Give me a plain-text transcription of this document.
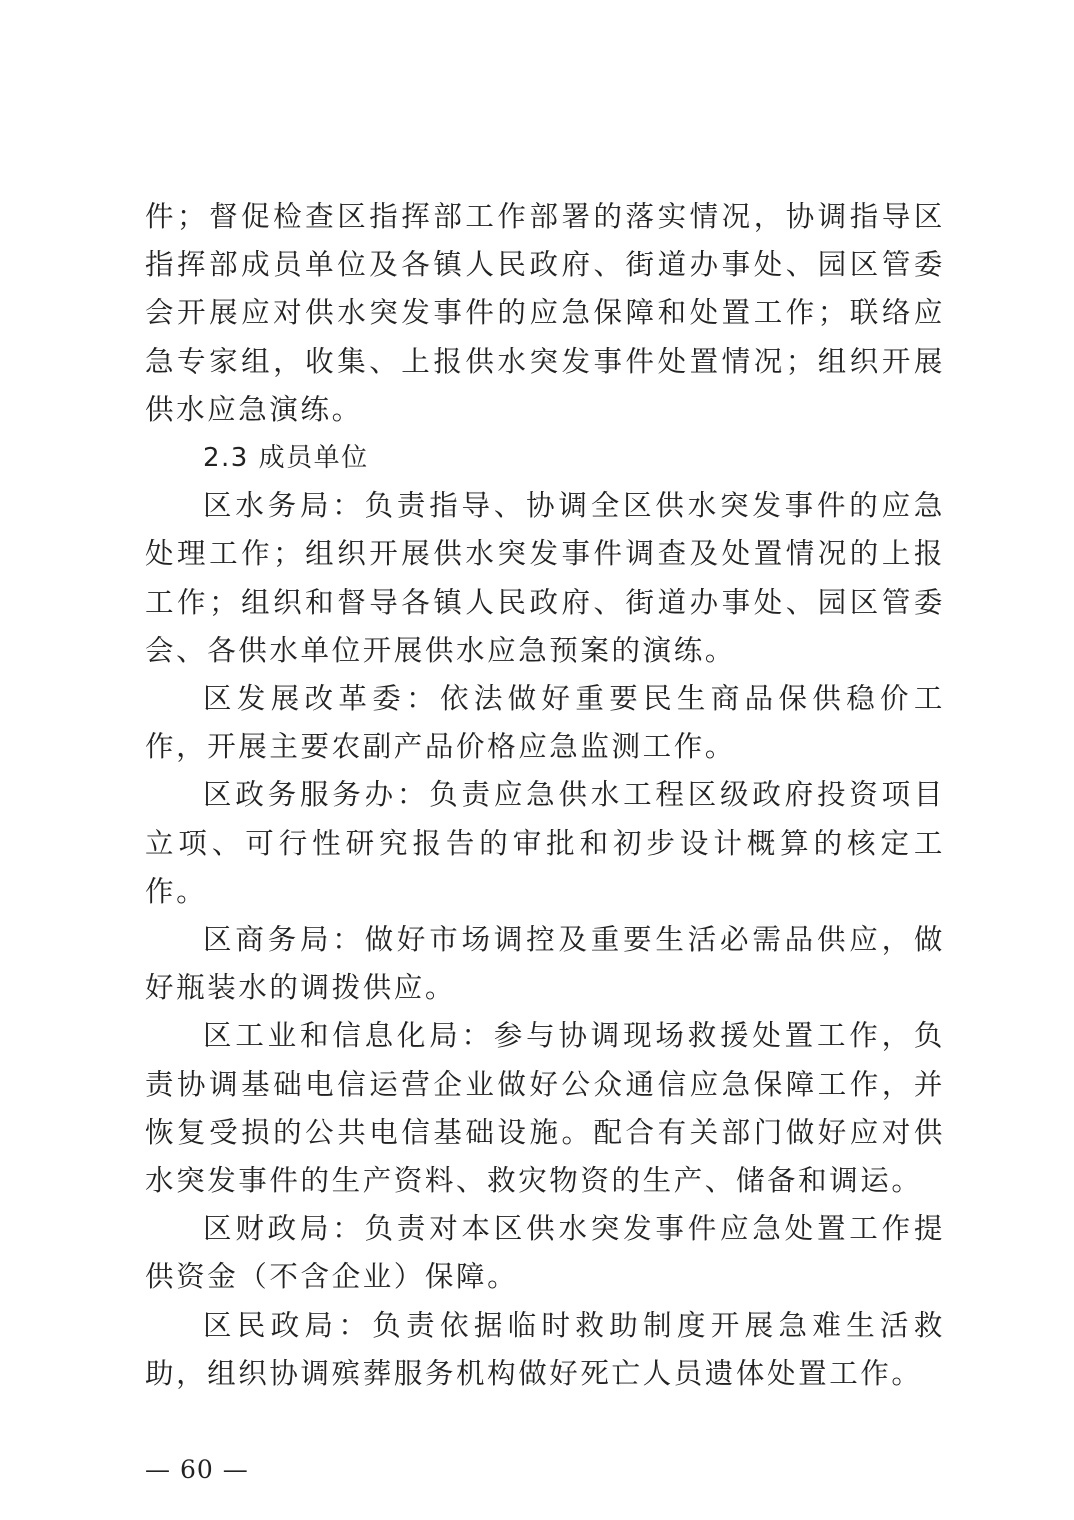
件；督促检查区指挥部工作部署的落实情况，协调指导区指挥部成员单位及各镇人民政府、街道办事处、园区管委会开展应对供水突发事件的应急保障和处置工作；联络应急专家组，收集、上报供水突发事件处置情况；组织开展供水应急演练。

2.3 成员单位

区水务局：负责指导、协调全区供水突发事件的应急处理工作；组织开展供水突发事件调查及处置情况的上报工作；组织和督导各镇人民政府、街道办事处、园区管委会、各供水单位开展供水应急预案的演练。

区发展改革委：依法做好重要民生商品保供稳价工作，开展主要农副产品价格应急监测工作。

区政务服务办：负责应急供水工程区级政府投资项目立项、可行性研究报告的审批和初步设计概算的核定工作。

区商务局：做好市场调控及重要生活必需品供应，做好瓶装水的调拨供应。

区工业和信息化局：参与协调现场救援处置工作，负责协调基础电信运营企业做好公众通信应急保障工作，并恢复受损的公共电信基础设施。配合有关部门做好应对供水突发事件的生产资料、救灾物资的生产、储备和调运。

区财政局：负责对本区供水突发事件应急处置工作提供资金（不含企业）保障。

区民政局：负责依据临时救助制度开展急难生活救助，组织协调殡葬服务机构做好死亡人员遗体处置工作。

— 60 —
